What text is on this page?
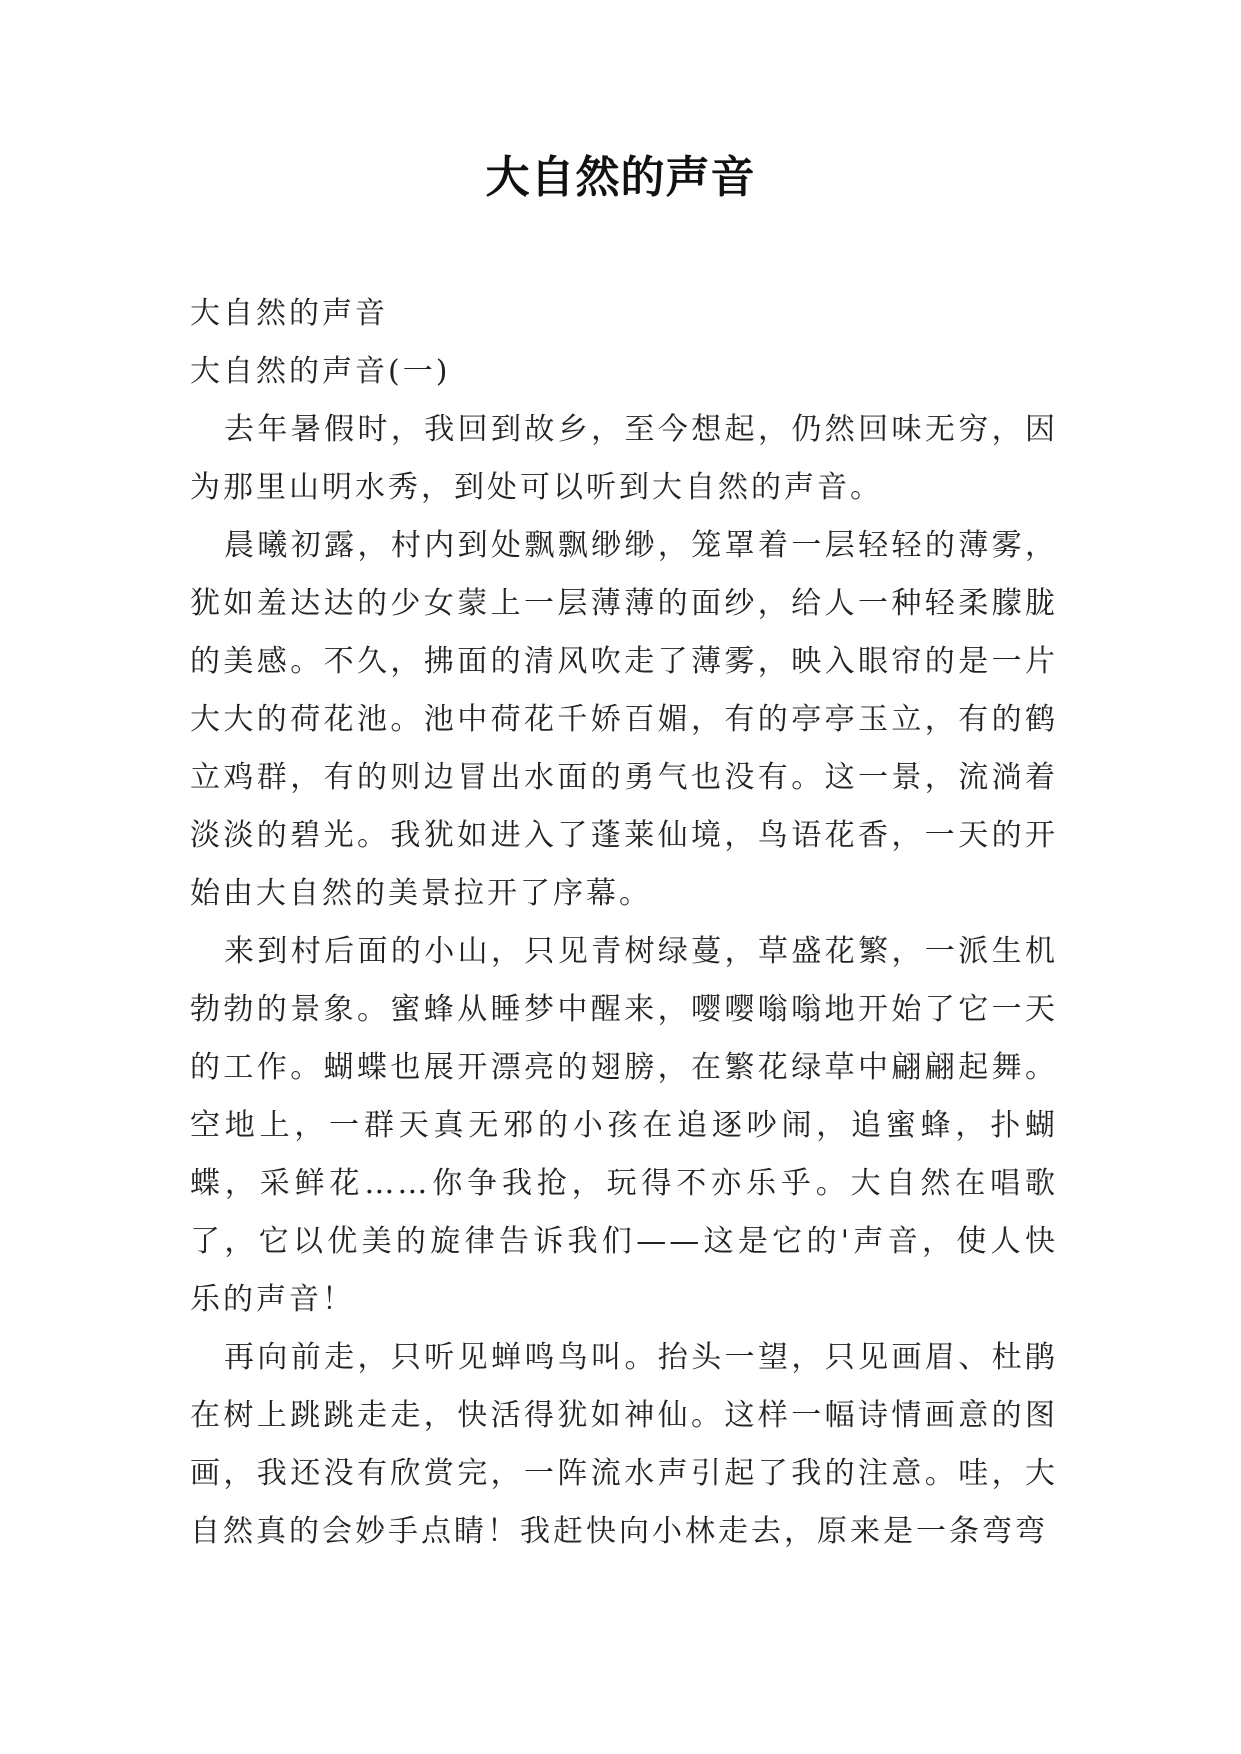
大自然的声音

大自然的声音

大自然的声音(一)

去年暑假时，我回到故乡，至今想起，仍然回味无穷，因为那里山明水秀，到处可以听到大自然的声音。

晨曦初露，村内到处飘飘缈缈，笼罩着一层轻轻的薄雾，犹如羞达达的少女蒙上一层薄薄的面纱，给人一种轻柔朦胧的美感。不久，拂面的清风吹走了薄雾，映入眼帘的是一片大大的荷花池。池中荷花千娇百媚，有的亭亭玉立，有的鹤立鸡群，有的则边冒出水面的勇气也没有。这一景，流淌着淡淡的碧光。我犹如进入了蓬莱仙境，鸟语花香，一天的开始由大自然的美景拉开了序幕。

来到村后面的小山，只见青树绿蔓，草盛花繁，一派生机勃勃的景象。蜜蜂从睡梦中醒来，嘤嘤嗡嗡地开始了它一天的工作。蝴蝶也展开漂亮的翅膀，在繁花绿草中翩翩起舞。空地上，一群天真无邪的小孩在追逐吵闹，追蜜蜂，扑蝴蝶，采鲜花……你争我抢，玩得不亦乐乎。大自然在唱歌了，它以优美的旋律告诉我们——这是它的'声音，使人快乐的声音！

再向前走，只听见蝉鸣鸟叫。抬头一望，只见画眉、杜鹃在树上跳跳走走，快活得犹如神仙。这样一幅诗情画意的图画，我还没有欣赏完，一阵流水声引起了我的注意。哇，大自然真的会妙手点睛！我赶快向小林走去，原来是一条弯弯
